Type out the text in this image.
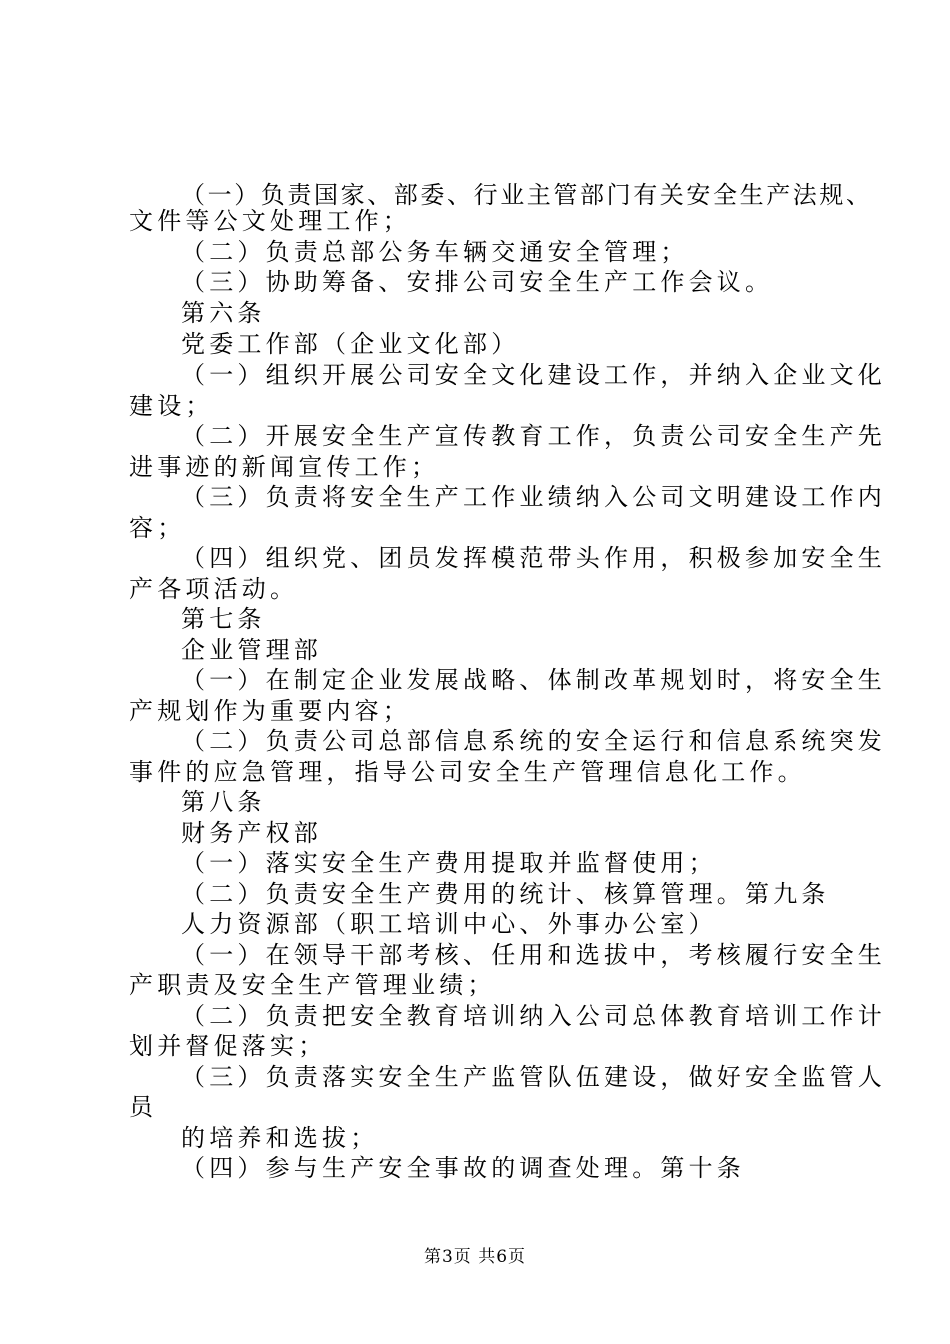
（一）负责国家、部委、行业主管部门有关安全生产法规、
文件等公文处理工作；
（二）负责总部公务车辆交通安全管理；
（三）协助筹备、安排公司安全生产工作会议。
第六条
党委工作部（企业文化部）
（一）组织开展公司安全文化建设工作，并纳入企业文化
建设；
（二）开展安全生产宣传教育工作，负责公司安全生产先
进事迹的新闻宣传工作；
（三）负责将安全生产工作业绩纳入公司文明建设工作内
容；
（四）组织党、团员发挥模范带头作用，积极参加安全生
产各项活动。
第七条
企业管理部
（一）在制定企业发展战略、体制改革规划时，将安全生
产规划作为重要内容；
（二）负责公司总部信息系统的安全运行和信息系统突发
事件的应急管理，指导公司安全生产管理信息化工作。
第八条
财务产权部
（一）落实安全生产费用提取并监督使用；
（二）负责安全生产费用的统计、核算管理。第九条
人力资源部（职工培训中心、外事办公室）
（一）在领导干部考核、任用和选拔中，考核履行安全生
产职责及安全生产管理业绩；
（二）负责把安全教育培训纳入公司总体教育培训工作计
划并督促落实；
（三）负责落实安全生产监管队伍建设，做好安全监管人
员
的培养和选拔；
（四）参与生产安全事故的调查处理。第十条
第3页 共6页
